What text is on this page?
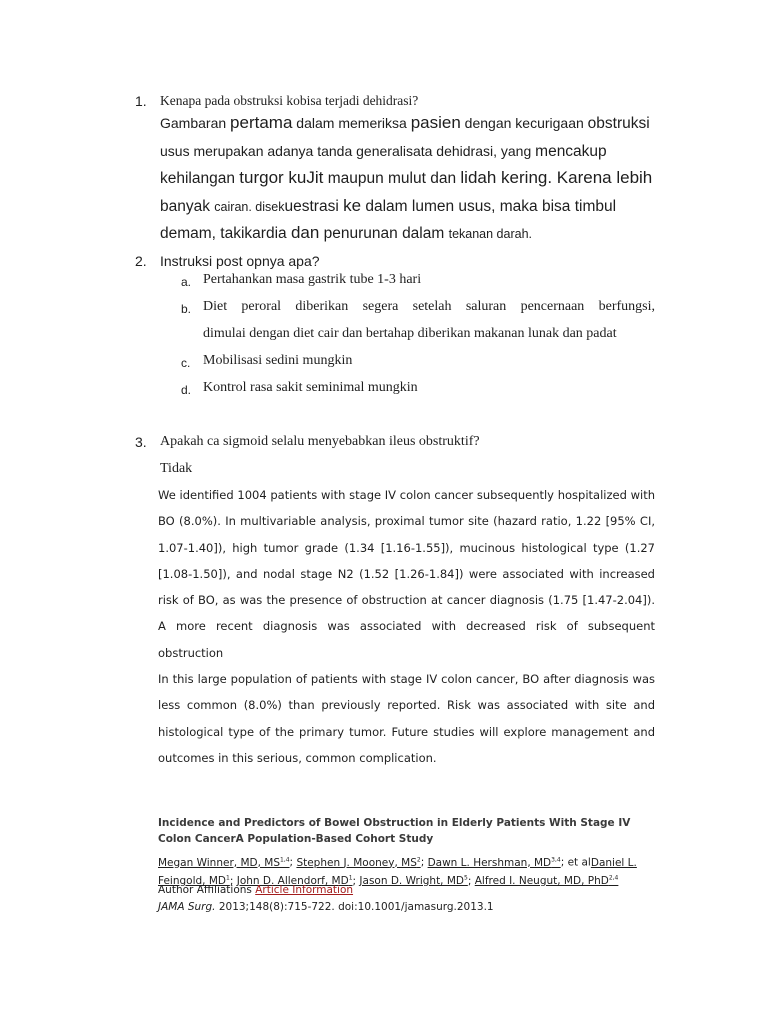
1. Kenapa pada obstruksi kobisa terjadi dehidrasi?
Gambaran pertama dalam memeriksa pasien dengan kecurigaan obstruksi usus merupakan adanya tanda generalisata dehidrasi, yang mencakup kehilangan turgor kuJit maupun mulut dan lidah kering. Karena lebih banyak cairan. disekuestrasi ke dalam lumen usus, maka bisa timbul demam, takikardia dan penurunan dalam tekanan darah.
2. Instruksi post opnya apa?
a. Pertahankan masa gastrik tube 1-3 hari
b. Diet peroral diberikan segera setelah saluran pencernaan berfungsi,
dimulai dengan diet cair dan bertahap diberikan makanan lunak dan padat
c. Mobilisasi sedini mungkin
d. Kontrol rasa sakit seminimal mungkin
3. Apakah ca sigmoid selalu menyebabkan ileus obstruktif?
Tidak
We identified 1004 patients with stage IV colon cancer subsequently hospitalized with BO (8.0%). In multivariable analysis, proximal tumor site (hazard ratio, 1.22 [95% CI, 1.07-1.40]), high tumor grade (1.34 [1.16-1.55]), mucinous histological type (1.27 [1.08-1.50]), and nodal stage N2 (1.52 [1.26-1.84]) were associated with increased risk of BO, as was the presence of obstruction at cancer diagnosis (1.75 [1.47-2.04]). A more recent diagnosis was associated with decreased risk of subsequent obstruction
In this large population of patients with stage IV colon cancer, BO after diagnosis was less common (8.0%) than previously reported. Risk was associated with site and histological type of the primary tumor. Future studies will explore management and outcomes in this serious, common complication.
Incidence and Predictors of Bowel Obstruction in Elderly Patients With Stage IV Colon CancerA Population-Based Cohort Study
Megan Winner, MD, MS$^{1,4}$; Stephen J. Mooney, $MS^2$; Dawn L. Hershman, MD$^{3,4}$; et alDaniel L. Feingold, $MD^1$; John D. Allendorf, $MD^1$; Jason D. Wright, $MD^5$; Alfred I. Neugut, MD, PhD$^{2,4}$
Author Affiliations Article Information
JAMA Surg. 2013;148(8):715-722. doi:10.1001/jamasurg.2013.1
